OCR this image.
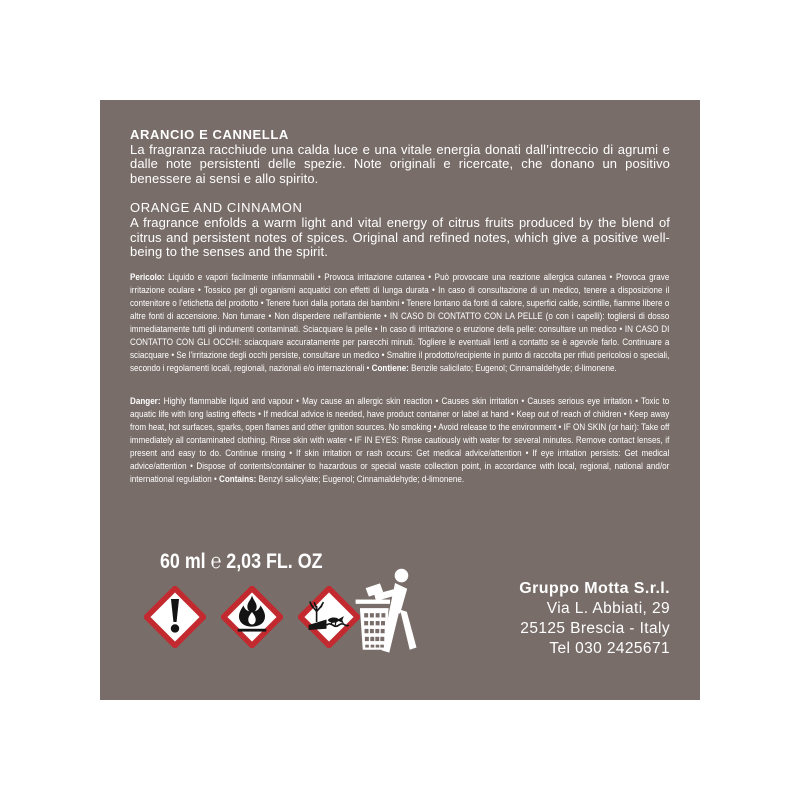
ARANCIO E CANNELLA

La fragranza racchiude una calda luce e una vitale energia donati dall’intreccio di agrumi e dalle note persistenti delle spezie. Note originali e ricercate, che donano un positivo benessere ai sensi e allo spirito.

ORANGE AND CINNAMON

A fragrance enfolds a warm light and vital energy of citrus fruits produced by the blend of citrus and persistent notes of spices. Original and refined notes, which give a positive well-being to the senses and the spirit.

Pericolo: Liquido e vapori facilmente infiammabili • Provoca irritazione cutanea • Può provocare una reazione allergica cutanea • Provoca grave irritazione oculare • Tossico per gli organismi acquatici con effetti di lunga durata • In caso di consultazione di un medico, tenere a disposizione il contenitore o l’etichetta del prodotto • Tenere fuori dalla portata dei bambini • Tenere lontano da fonti di calore, superfici calde, scintille, fiamme libere o altre fonti di accensione. Non fumare • Non disperdere nell’ambiente • IN CASO DI CONTATTO CON LA PELLE (o con i capelli): togliersi di dosso immediatamente tutti gli indumenti contaminati. Sciacquare la pelle • In caso di irritazione o eruzione della pelle: consultare un medico • IN CASO DI CONTATTO CON GLI OCCHI: sciacquare accuratamente per parecchi minuti. Togliere le eventuali lenti a contatto se è agevole farlo. Continuare a sciacquare • Se l’irritazione degli occhi persiste, consultare un medico • Smaltire il prodotto/recipiente in punto di raccolta per rifiuti pericolosi o speciali, secondo i regolamenti locali, regionali, nazionali e/o internazionali • Contiene: Benzile salicilato; Eugenol; Cinnamaldehyde; d-limonene.

Danger: Highly flammable liquid and vapour • May cause an allergic skin reaction • Causes skin irritation • Causes serious eye irritation • Toxic to aquatic life with long lasting effects • If medical advice is needed, have product container or label at hand • Keep out of reach of children • Keep away from heat, hot surfaces, sparks, open flames and other ignition sources. No smoking • Avoid release to the environment • IF ON SKIN (or hair): Take off immediately all contaminated clothing. Rinse skin with water • IF IN EYES: Rinse cautiously with water for several minutes. Remove contact lenses, if present and easy to do. Continue rinsing • If skin irritation or rash occurs: Get medical advice/attention • If eye irritation persists: Get medical advice/attention • Dispose of contents/container to hazardous or special waste collection point, in accordance with local, regional, national and/or international regulation • Contains: Benzyl salicylate; Eugenol; Cinnamaldehyde; d-limonene.

60 ml ℮ 2,03 FL. OZ

Gruppo Motta S.r.l.
Via L. Abbiati, 29
25125 Brescia - Italy
Tel 030 2425671
